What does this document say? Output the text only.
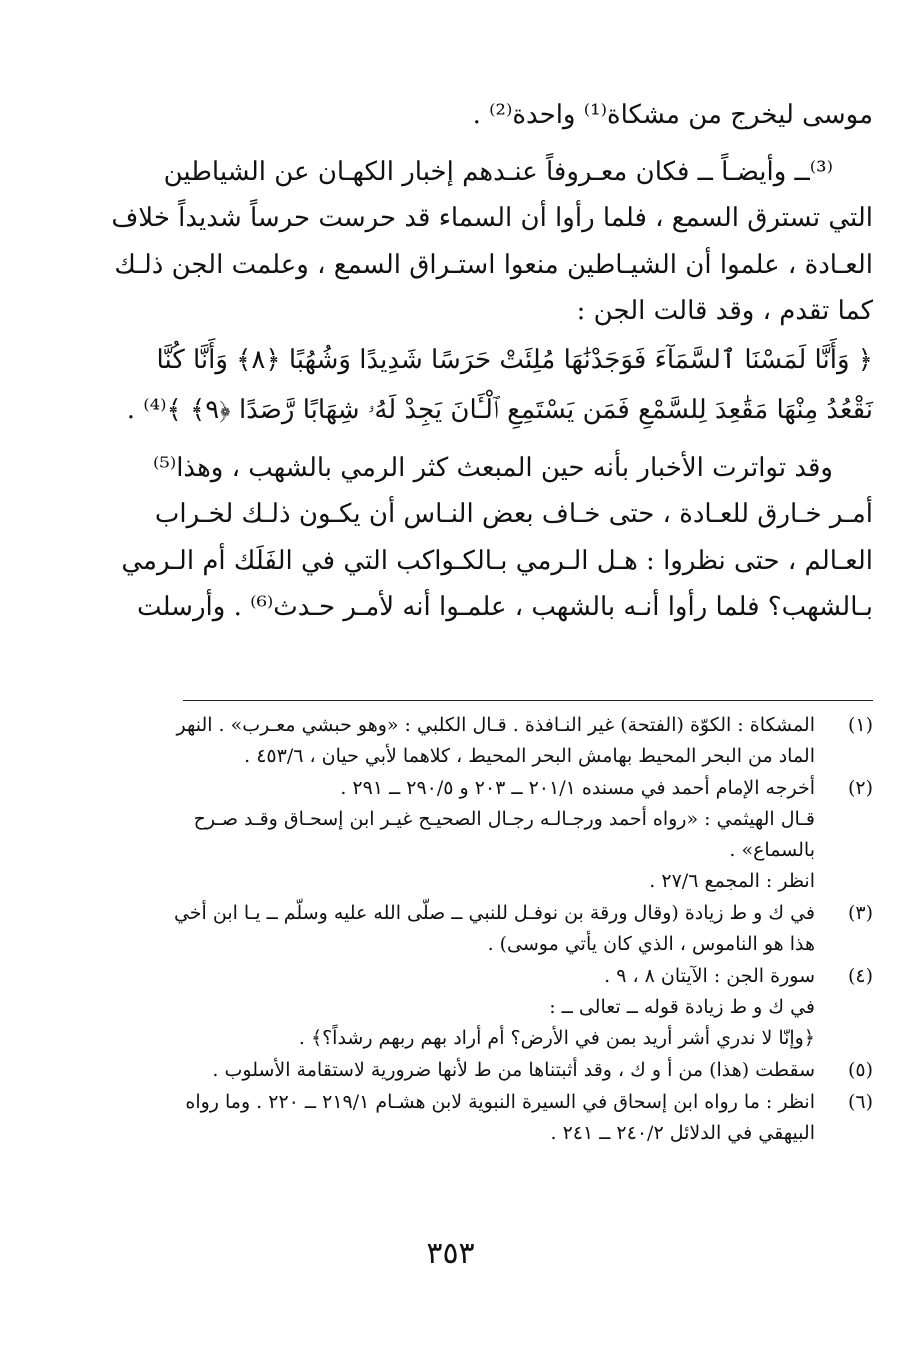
موسى ليخرج من مشكاة⁽¹⁾ واحدة⁽²⁾ .

⁽³⁾ــ وأيضـاً ــ فكان معـروفاً عنـدهم إخبار الكهـان عن الشياطين
التي تسترق السمع ، فلما رأوا أن السماء قد حرست حرساً شديداً خلاف
العـادة ، علموا أن الشيـاطين منعوا استـراق السمع ، وعلمت الجن ذلـك
كما تقدم ، وقد قالت الجن :

﴿ وَأَنَّا لَمَسْنَا ٱلسَّمَآءَ فَوَجَدْنَٰهَا مُلِئَتْ حَرَسًا شَدِيدًا وَشُهُبًا ﴿٨﴾ وَأَنَّا كُنَّا
نَقْعُدُ مِنْهَا مَقَٰعِدَ لِلسَّمْعِ فَمَن يَسْتَمِعِ ٱلْـَٔانَ يَجِدْ لَهُۥ شِهَابًا رَّصَدًا ﴿٩﴾ ﴾⁽⁴⁾ .

وقد تواترت الأخبار بأنه حين المبعث كثر الرمي بالشهب ، وهذا⁽⁵⁾
أمـر خـارق للعـادة ، حتى خـاف بعض النـاس أن يكـون ذلـك لخـراب
العـالم ، حتى نظروا : هـل الـرمي بـالكـواكب التي في الفَلَك أم الـرمي
بـالشهب؟ فلما رأوا أنـه بالشهب ، علمـوا أنه لأمـر حـدث⁽⁶⁾ . وأرسلت

(١)
المشكاة : الكوّة (الفتحة) غير النـافذة . قـال الكلبي : «وهو حبشي معـرب» . النهر
الماد من البحر المحيط بهامش البحر المحيط ، كلاهما لأبي حيان ، ٤٥٣/٦ .
(٢)
أخرجه الإمام أحمد في مسنده ٢٠١/١ ــ ٢٠٣ و ٢٩٠/٥ ــ ٢٩١ .
قـال الهيثمي : «رواه أحمد ورجـالـه رجـال الصحيـح غيـر ابن إسحـاق وقـد صـرح
بالسماع» .
انظر : المجمع ٢٧/٦ .
(٣)
في ك و ط زيادة (وقال ورقة بن نوفـل للنبي ــ صلّى الله عليه وسلّم ــ يـا ابن أخي
هذا هو الناموس ، الذي كان يأتي موسى) .
(٤)
سورة الجن : الآيتان ٨ ، ٩ .
في ك و ط زيادة قوله ــ تعالى ــ :
﴿وإنّا لا ندري أشر أريد بمن في الأرض؟ أم أراد بهم ربهم رشداً؟﴾ .
(٥)
سقطت (هذا) من أ و ك ، وقد أثبتناها من ط لأنها ضرورية لاستقامة الأسلوب .
(٦)
انظر : ما رواه ابن إسحاق في السيرة النبوية لابن هشـام ٢١٩/١ ــ ٢٢٠ . وما رواه
البيهقي في الدلائل ٢٤٠/٢ ــ ٢٤١ .
٣٥٣
